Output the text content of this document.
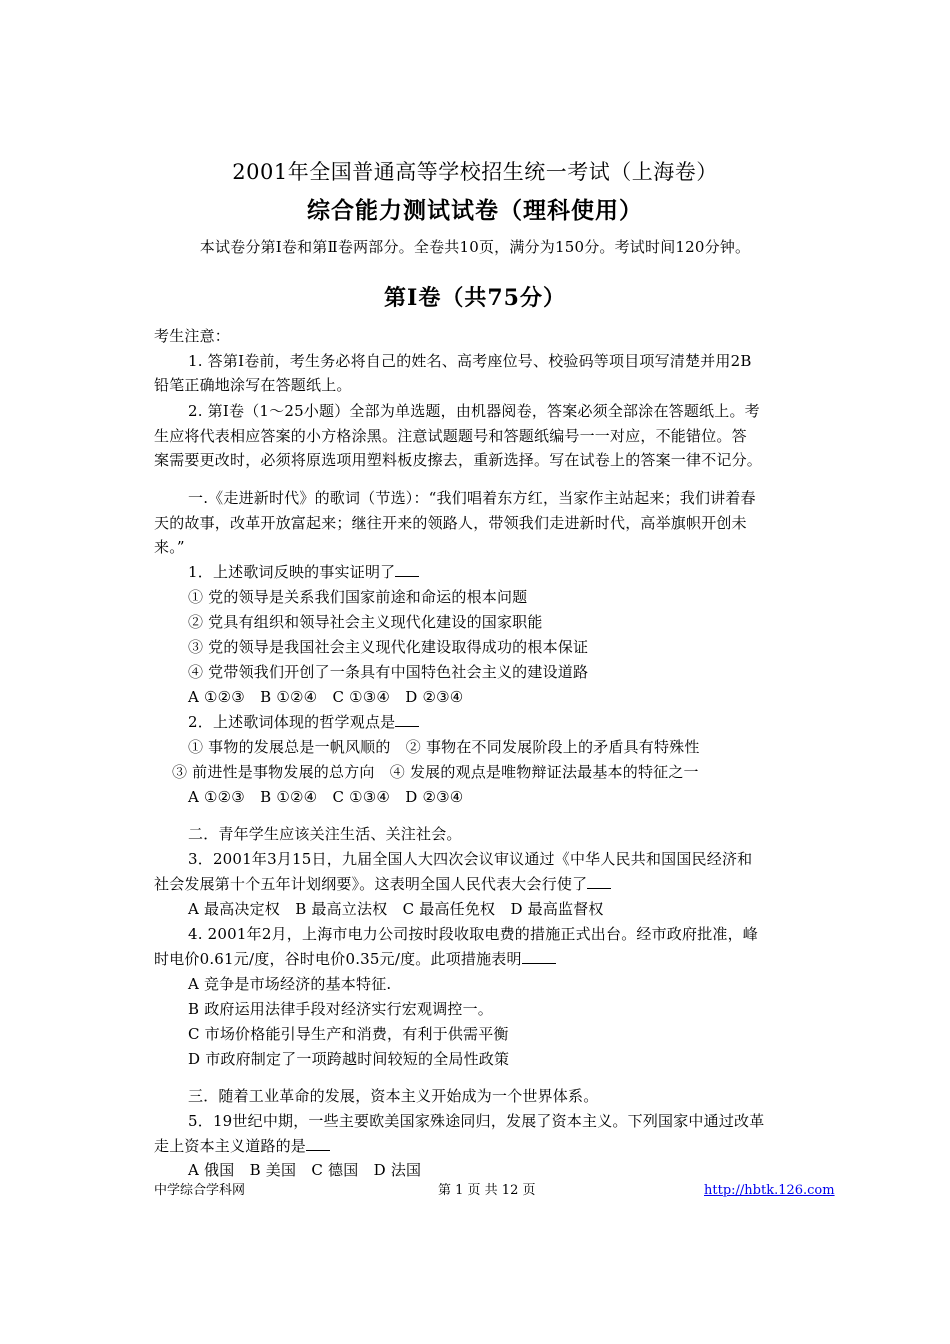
2001年全国普通高等学校招生统一考试（上海卷）
综合能力测试试卷（理科使用）
本试卷分第Ⅰ卷和第Ⅱ卷两部分。全卷共10页，满分为150分。考试时间120分钟。
第Ⅰ卷（共75分）
考生注意：
1. 答第Ⅰ卷前，考生务必将自己的姓名、高考座位号、校验码等项目项写清楚并用2B
铅笔正确地涂写在答题纸上。
2. 第Ⅰ卷（1～25小题）全部为单选题，由机器阅卷，答案必须全部涂在答题纸上。考
生应将代表相应答案的小方格涂黑。注意试题题号和答题纸编号一一对应，不能错位。答
案需要更改时，必须将原选项用塑料板皮擦去，重新选择。写在试卷上的答案一律不记分。
一.《走进新时代》的歌词（节选）：“我们唱着东方红，当家作主站起来；我们讲着春
天的故事，改革开放富起来；继往开来的领路人，带领我们走进新时代，高举旗帜开创未
来。”
1．上述歌词反映的事实证明了
① 党的领导是关系我们国家前途和命运的根本问题
② 党具有组织和领导社会主义现代化建设的国家职能
③ 党的领导是我国社会主义现代化建设取得成功的根本保证
④ 党带领我们开创了一条具有中国特色社会主义的建设道路
A ①②③　B ①②④　C ①③④　D ②③④
2．上述歌词体现的哲学观点是
① 事物的发展总是一帆风顺的　② 事物在不同发展阶段上的矛盾具有特殊性
③ 前进性是事物发展的总方向　④ 发展的观点是唯物辩证法最基本的特征之一
A ①②③　B ①②④　C ①③④　D ②③④
二．青年学生应该关注生活、关注社会。
3．2001年3月15日，九届全国人大四次会议审议通过《中华人民共和国国民经济和
社会发展第十个五年计划纲要》。这表明全国人民代表大会行使了
A 最高决定权　B 最高立法权　C 最高任免权　D 最高监督权
4. 2001年2月，上海市电力公司按时段收取电费的措施正式出台。经市政府批准，峰
时电价0.61元/度，谷时电价0.35元/度。此项措施表明
A 竞争是市场经济的基本特征.
B 政府运用法律手段对经济实行宏观调控一。
C 市场价格能引导生产和消费，有利于供需平衡
D 市政府制定了一项跨越时间较短的全局性政策
三．随着工业革命的发展，资本主义开始成为一个世界体系。
5．19世纪中期，一些主要欧美国家殊途同归，发展了资本主义。下列国家中通过改革
走上资本主义道路的是
A 俄国　B 美国　C 德国　D 法国
中学综合学科网	第 1 页 共 12 页	http://hbtk.126.com
